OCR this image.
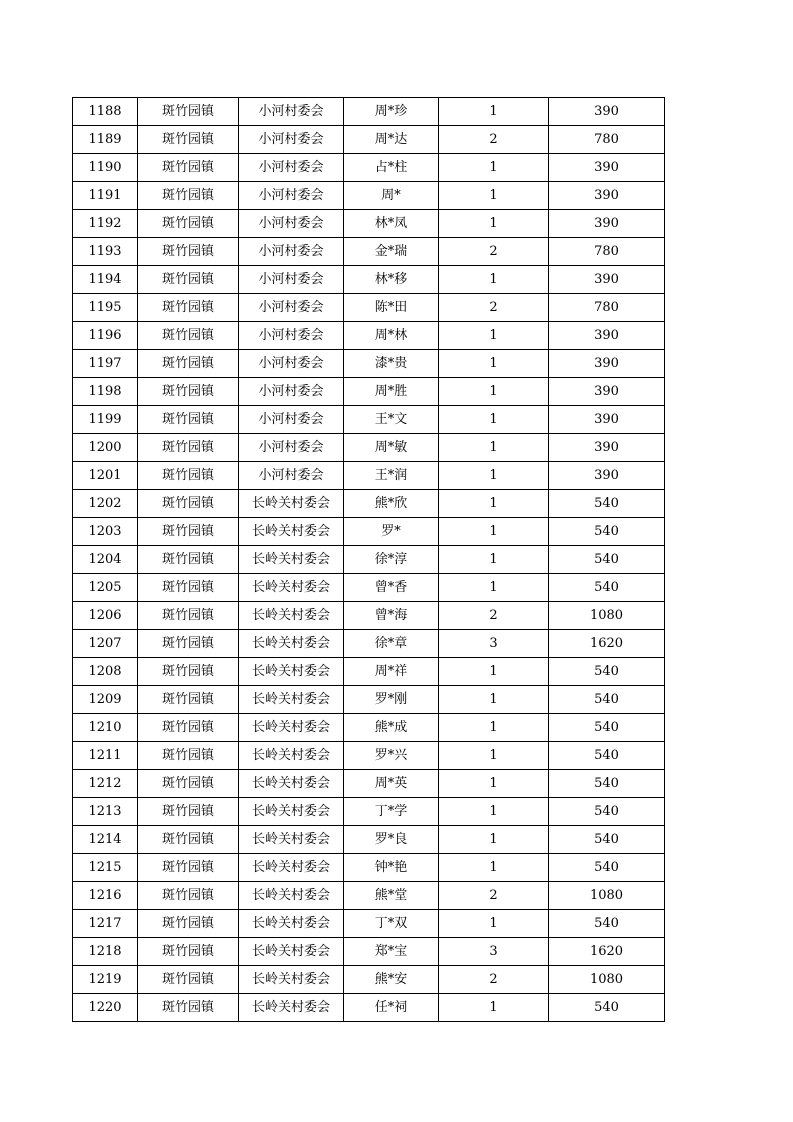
1188	斑竹园镇	小河村委会	周*珍	1	390
1189	斑竹园镇	小河村委会	周*达	2	780
1190	斑竹园镇	小河村委会	占*柱	1	390
1191	斑竹园镇	小河村委会	周*	1	390
1192	斑竹园镇	小河村委会	林*凤	1	390
1193	斑竹园镇	小河村委会	金*瑞	2	780
1194	斑竹园镇	小河村委会	林*移	1	390
1195	斑竹园镇	小河村委会	陈*田	2	780
1196	斑竹园镇	小河村委会	周*林	1	390
1197	斑竹园镇	小河村委会	漆*贵	1	390
1198	斑竹园镇	小河村委会	周*胜	1	390
1199	斑竹园镇	小河村委会	王*文	1	390
1200	斑竹园镇	小河村委会	周*敏	1	390
1201	斑竹园镇	小河村委会	王*润	1	390
1202	斑竹园镇	长岭关村委会	熊*欣	1	540
1203	斑竹园镇	长岭关村委会	罗*	1	540
1204	斑竹园镇	长岭关村委会	徐*淳	1	540
1205	斑竹园镇	长岭关村委会	曾*香	1	540
1206	斑竹园镇	长岭关村委会	曾*海	2	1080
1207	斑竹园镇	长岭关村委会	徐*章	3	1620
1208	斑竹园镇	长岭关村委会	周*祥	1	540
1209	斑竹园镇	长岭关村委会	罗*刚	1	540
1210	斑竹园镇	长岭关村委会	熊*成	1	540
1211	斑竹园镇	长岭关村委会	罗*兴	1	540
1212	斑竹园镇	长岭关村委会	周*英	1	540
1213	斑竹园镇	长岭关村委会	丁*学	1	540
1214	斑竹园镇	长岭关村委会	罗*良	1	540
1215	斑竹园镇	长岭关村委会	钟*艳	1	540
1216	斑竹园镇	长岭关村委会	熊*堂	2	1080
1217	斑竹园镇	长岭关村委会	丁*双	1	540
1218	斑竹园镇	长岭关村委会	郑*宝	3	1620
1219	斑竹园镇	长岭关村委会	熊*安	2	1080
1220	斑竹园镇	长岭关村委会	任*祠	1	540
